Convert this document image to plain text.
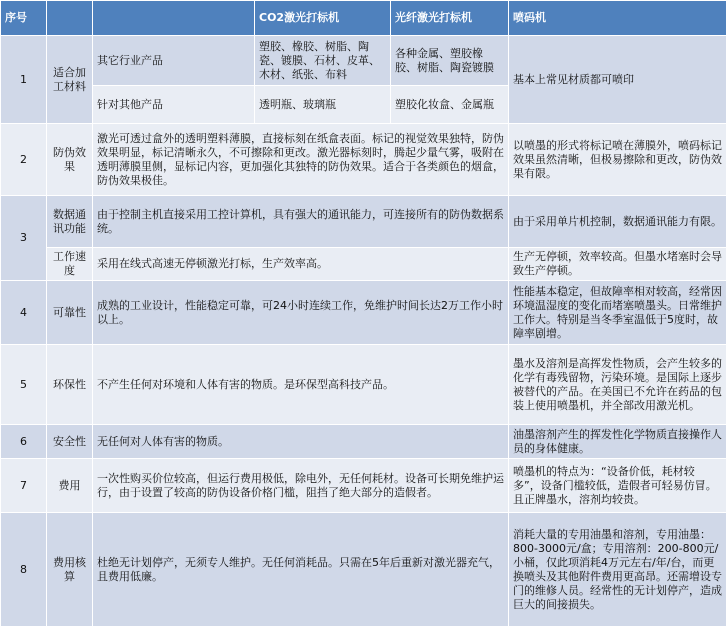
序号			CO2激光打标机	光纤激光打标机	喷码机
1	适合加工材料	其它行业产品	塑胶、橡胶、树脂、陶瓷、镀膜、石材、皮革、木材、纸张、布料	各种金属、塑胶橡胶、树脂、陶瓷镀膜	基本上常见材质都可喷印
		针对其他产品	透明瓶、玻璃瓶	塑胶化妆盒、金属瓶	
2	防伪效果	激光可透过盒外的透明塑料薄膜，直接标刻在纸盒表面。标记的视觉效果独特，防伪效果明显，标记清晰永久，不可擦除和更改。激光器标刻时，腾起少量气雾，吸附在透明薄膜里侧，显标记内容，更加强化其独特的防伪效果。适合于各类颜色的烟盒，防伪效果极佳。			以喷墨的形式将标记喷在薄膜外，喷码标记效果虽然清晰，但极易擦除和更改，防伪效果有限。
3	数据通讯功能	由于控制主机直接采用工控计算机，具有强大的通讯能力，可连接所有的防伪数据系统。			由于采用单片机控制，数据通讯能力有限。
	工作速度	采用在线式高速无停顿激光打标，生产效率高。			生产无停顿，效率较高。但墨水堵塞时会导致生产停顿。
4	可靠性	成熟的工业设计，性能稳定可靠，可24小时连续工作，免维护时间长达2万工作小时以上。			性能基本稳定，但故障率相对较高，经常因环境温湿度的变化而堵塞喷墨头。日常维护工作大。特别是当冬季室温低于5度时，故障率剧增。
5	环保性	不产生任何对环境和人体有害的物质。是环保型高科技产品。			墨水及溶剂是高挥发性物质，会产生较多的化学有毒残留物，污染环境。是国际上逐步被替代的产品。在美国已不允许在药品的包装上使用喷墨机，并全部改用激光机。
6	安全性	无任何对人体有害的物质。			油墨溶剂产生的挥发性化学物质直接操作人员的身体健康。
7	费用	一次性购买价位较高，但运行费用极低，除电外，无任何耗材。设备可长期免维护运行，由于设置了较高的防伪设备价格门槛，阻挡了绝大部分的造假者。			喷墨机的特点为：“设备价低，耗材较多”，设备门槛较低，造假者可轻易仿冒。且正牌墨水，溶剂均较贵。
8	费用核算	杜绝无计划停产，无须专人维护。无任何消耗品。只需在5年后重新对激光器充气，且费用低廉。			消耗大量的专用油墨和溶剂，专用油墨：800-3000元/盒；专用溶剂：200-800元/小桶，仅此项消耗4万元左右/年/台，而更换喷头及其他附件费用更高昂。还需增设专门的维修人员。经常性的无计划停产，造成巨大的间接损失。
